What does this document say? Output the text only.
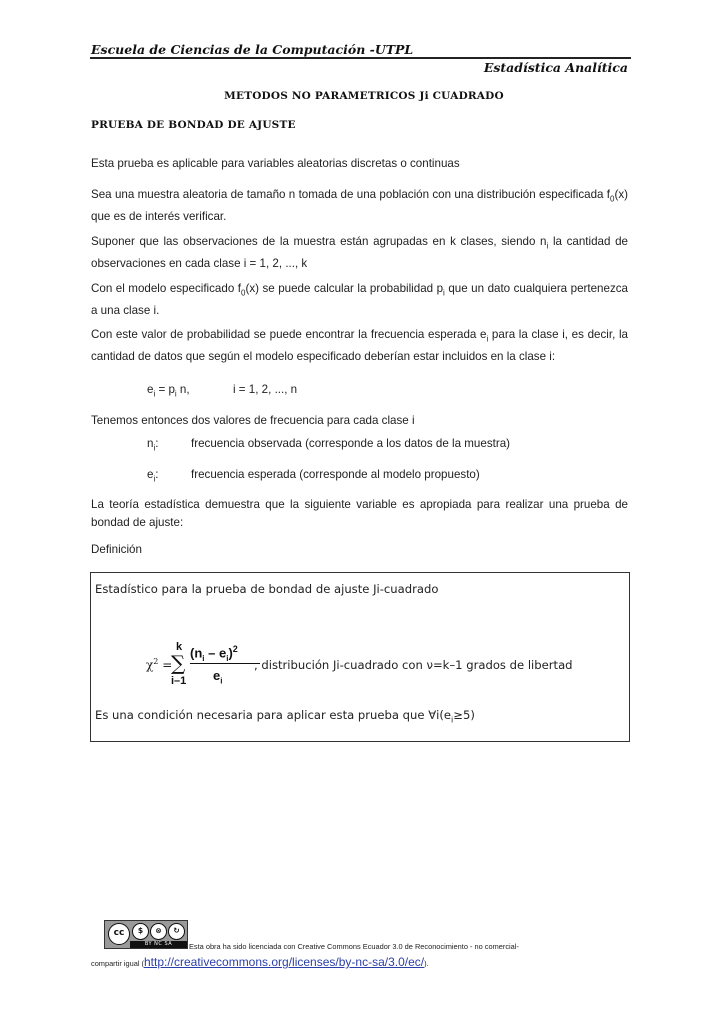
Escuela de Ciencias de la Computación -UTPL
Estadística Analítica
METODOS NO PARAMETRICOS Ji CUADRADO
PRUEBA DE BONDAD DE AJUSTE
Esta prueba es aplicable para variables aleatorias discretas o continuas
Sea una muestra aleatoria de tamaño n tomada de una población con una distribución especificada $f_0(x)$ que es de interés verificar.
Suponer que las observaciones de la muestra están agrupadas en k clases, siendo $n_i$ la cantidad de observaciones en cada clase i = 1, 2, ..., k
Con el modelo especificado $f_0(x)$ se puede calcular la probabilidad $p_i$ que un dato cualquiera pertenezca a una clase i.
Con este valor de probabilidad se puede encontrar la frecuencia esperada $e_i$ para la clase i, es decir, la cantidad de datos que según el modelo especificado deberían estar incluidos en la clase i:
$e_i = p_i$ n,	i = 1, 2, ..., n
Tenemos entonces dos valores de frecuencia para cada clase i
$n_i$:	frecuencia observada (corresponde a los datos de la muestra)
$e_i$:	frecuencia esperada (corresponde al modelo propuesto)
La teoría estadística demuestra que la siguiente variable es apropiada para realizar una prueba de bondad de ajuste:
Definición
Estadístico para la prueba de bondad de ajuste Ji-cuadrado
$\chi^2$ =
k
∑
i–1
$(n_i - e_i)^2$
$e_i$
, distribución Ji-cuadrado con ν=k–1 grados de libertad
Es una condición necesaria para aplicar esta prueba que $\forall i(e_i\ge 5)$
cc	$	⊗	↻
BY NC SA	Esta obra ha sido licenciada con Creative Commons Ecuador 3.0 de Reconocimiento - no comercial-
compartir igual (http://creativecommons.org/licenses/by-nc-sa/3.0/ec/).
